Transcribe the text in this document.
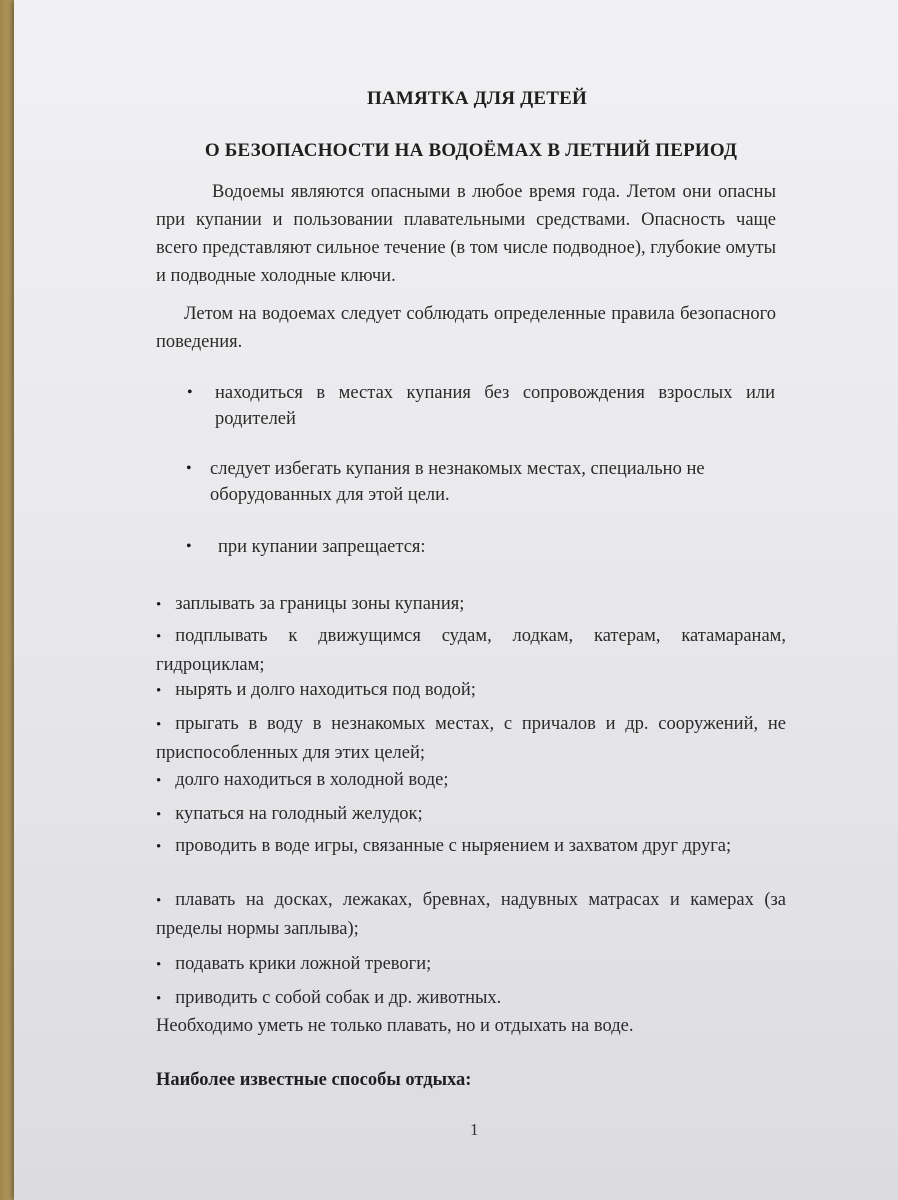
ПАМЯТКА ДЛЯ ДЕТЕЙ
О БЕЗОПАСНОСТИ НА ВОДОЁМАХ В ЛЕТНИЙ ПЕРИОД
Водоемы являются опасными в любое время года. Летом они опасны при купании и пользовании плавательными средствами. Опасность чаще всего представляют сильное течение (в том числе подводное), глубокие омуты и подводные холодные ключи.
Летом на водоемах следует соблюдать определенные правила безопасного поведения.
• находиться в местах купания без сопровождения взрослых или родителей
• следует избегать купания в незнакомых местах, специально не оборудованных для этой цели.
• при купании запрещается:
• заплывать за границы зоны купания;
• подплывать к движущимся судам, лодкам, катерам, катамаранам, гидроциклам;
• нырять и долго находиться под водой;
• прыгать в воду в незнакомых местах, с причалов и др. сооружений, не приспособленных для этих целей;
• долго находиться в холодной воде;
• купаться на голодный желудок;
• проводить в воде игры, связанные с ныряением и захватом друг друга;
• плавать на досках, лежаках, бревнах, надувных матрасах и камерах (за пределы нормы заплыва);
• подавать крики ложной тревоги;
• приводить с собой собак и др. животных.
Необходимо уметь не только плавать, но и отдыхать на воде.
Наиболее известные способы отдыха:
1
